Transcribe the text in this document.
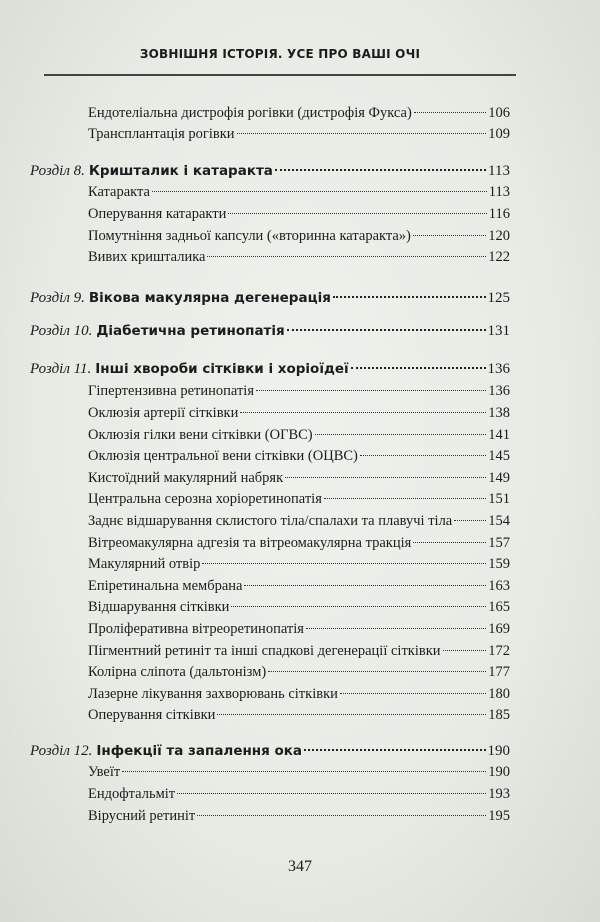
ЗОВНІШНЯ ІСТОРІЯ. УСЕ ПРО ВАШІ ОЧІ
Ендотеліальна дистрофія рогівки (дистрофія Фукса)	106
Трансплантація рогівки	109
Розділ 8. Кришталик і катаракта	113
Катаракта	113
Оперування катаракти	116
Помутніння задньої капсули («вторинна катаракта»)	120
Вивих кришталика	122
Розділ 9. Вікова макулярна дегенерація	125
Розділ 10. Діабетична ретинопатія	131
Розділ 11. Інші хвороби сітківки і хоріоїдеї	136
Гіпертензивна ретинопатія	136
Оклюзія артерії сітківки	138
Оклюзія гілки вени сітківки (ОГВС)	141
Оклюзія центральної вени сітківки (ОЦВС)	145
Кистоїдний макулярний набряк	149
Центральна серозна хоріоретинопатія	151
Заднє відшарування склистого тіла/спалахи та плавучі тіла 154
Вітреомакулярна адгезія та вітреомакулярна тракція	157
Макулярний отвір	159
Епіретинальна мембрана	163
Відшарування сітківки	165
Проліферативна вітреоретинопатія	169
Пігментний ретиніт та інші спадкові дегенерації сітківки	172
Колірна сліпота (дальтонізм)	177
Лазерне лікування захворювань сітківки	180
Оперування сітківки	185
Розділ 12. Інфекції та запалення ока	190
Увеїт	190
Ендофтальміт	193
Вірусний ретиніт	195
347
